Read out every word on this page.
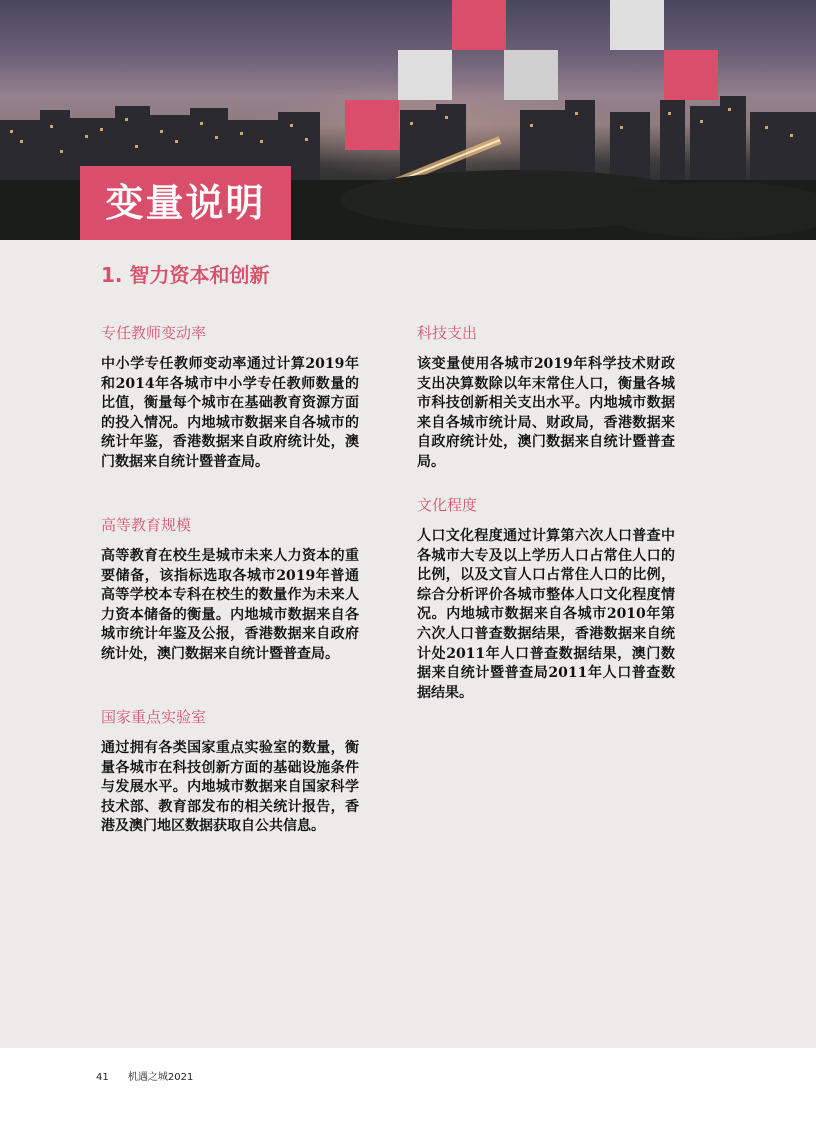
变量说明
1. 智力资本和创新
专任教师变动率

中小学专任教师变动率通过计算2019年和2014年各城市中小学专任教师数量的比值，衡量每个城市在基础教育资源方面的投入情况。内地城市数据来自各城市的统计年鉴，香港数据来自政府统计处，澳门数据来自统计暨普查局。

高等教育规模

高等教育在校生是城市未来人力资本的重要储备，该指标选取各城市2019年普通高等学校本专科在校生的数量作为未来人力资本储备的衡量。内地城市数据来自各城市统计年鉴及公报，香港数据来自政府统计处，澳门数据来自统计暨普查局。

国家重点实验室

通过拥有各类国家重点实验室的数量，衡量各城市在科技创新方面的基础设施条件与发展水平。内地城市数据来自国家科学技术部、教育部发布的相关统计报告，香港及澳门地区数据获取自公共信息。

科技支出

该变量使用各城市2019年科学技术财政支出决算数除以年末常住人口，衡量各城市科技创新相关支出水平。内地城市数据来自各城市统计局、财政局，香港数据来自政府统计处，澳门数据来自统计暨普查局。

文化程度

人口文化程度通过计算第六次人口普查中各城市大专及以上学历人口占常住人口的比例，以及文盲人口占常住人口的比例，综合分析评价各城市整体人口文化程度情况。内地城市数据来自各城市2010年第六次人口普查数据结果，香港数据来自统计处2011年人口普查数据结果，澳门数据来自统计暨普查局2011年人口普查数据结果。

41 机遇之城2021
